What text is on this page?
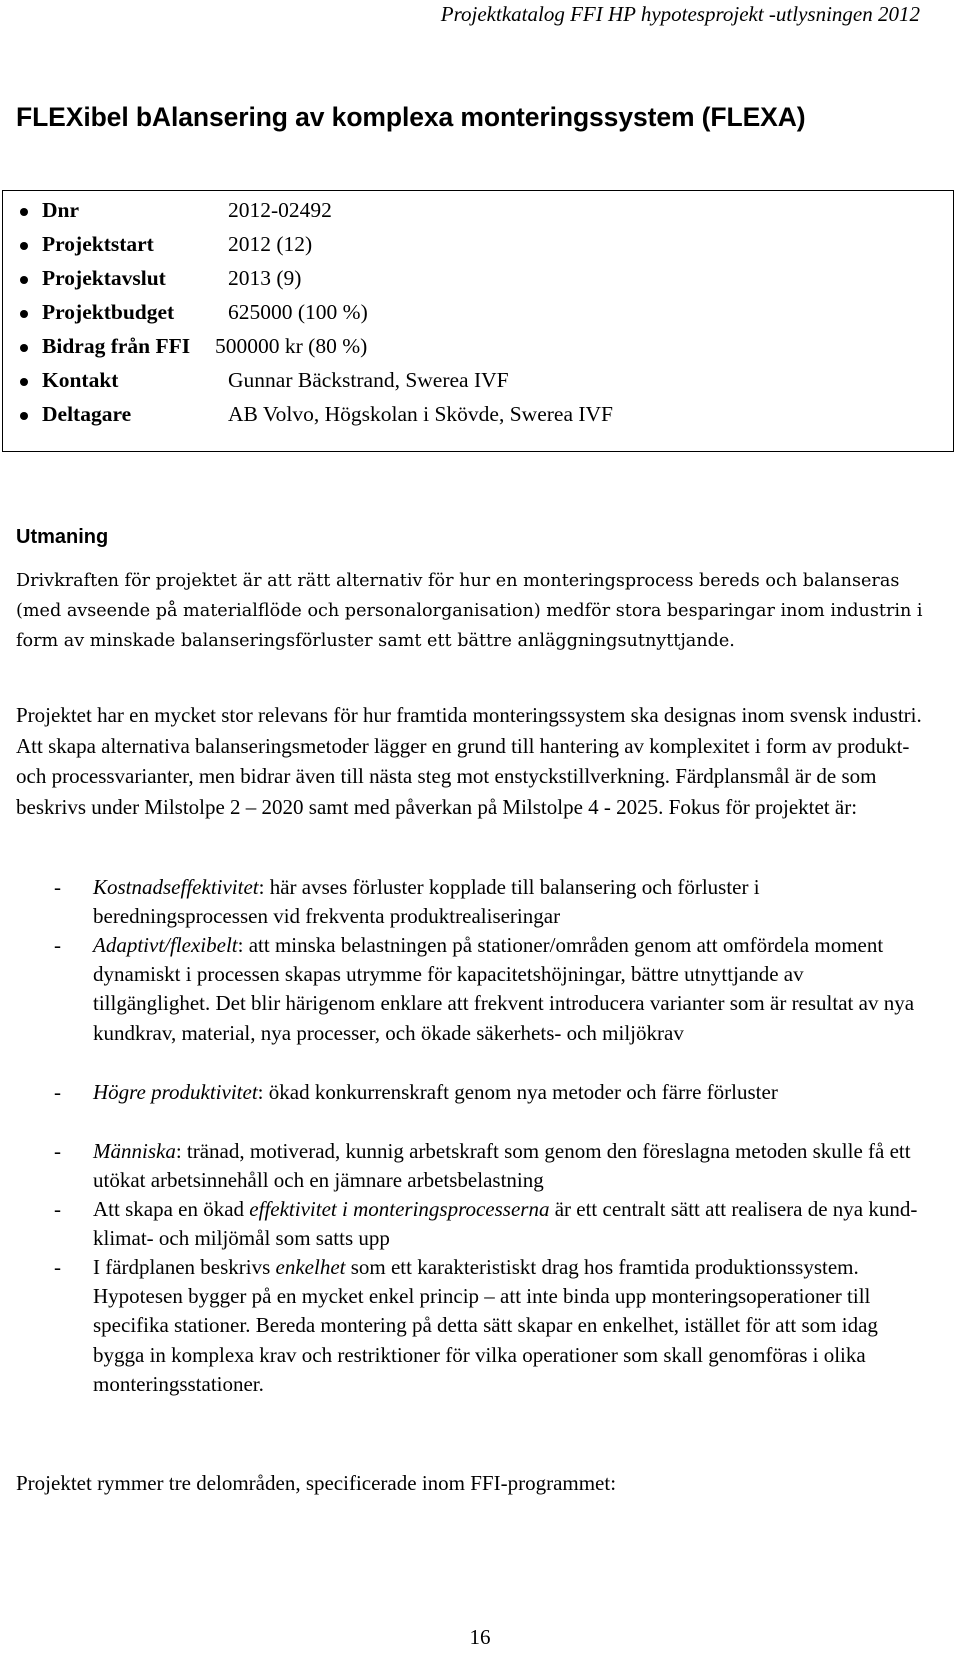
Projektkatalog FFI HP hypotesprojekt -utlysningen 2012
FLEXibel bAlansering av komplexa monteringssystem (FLEXA)
Dnr	2012-02492
Projektstart	2012 (12)
Projektavslut	2013 (9)
Projektbudget	625000 (100 %)
Bidrag från FFI 500000 kr (80 %)
Kontakt	Gunnar Bäckstrand, Swerea IVF
Deltagare	AB Volvo, Högskolan i Skövde, Swerea IVF
Utmaning

Drivkraften för projektet är att rätt alternativ för hur en monteringsprocess bereds och balanseras (med avseende på materialflöde och personalorganisation) medför stora besparingar inom industrin i form av minskade balanseringsförluster samt ett bättre anläggningsutnyttjande.

Projektet har en mycket stor relevans för hur framtida monteringssystem ska designas inom svensk industri. Att skapa alternativa balanseringsmetoder lägger en grund till hantering av komplexitet i form av produkt- och processvarianter, men bidrar även till nästa steg mot enstyckstillverkning. Färdplansmål är de som beskrivs under Milstolpe 2 – 2020 samt med påverkan på Milstolpe 4 - 2025. Fokus för projektet är:

- Kostnadseffektivitet: här avses förluster kopplade till balansering och förluster i beredningsprocessen vid frekventa produktrealiseringar
- Adaptivt/flexibelt: att minska belastningen på stationer/områden genom att omfördela moment dynamiskt i processen skapas utrymme för kapacitetshöjningar, bättre utnyttjande av tillgänglighet. Det blir härigenom enklare att frekvent introducera varianter som är resultat av nya kundkrav, material, nya processer, och ökade säkerhets- och miljökrav
- Högre produktivitet: ökad konkurrenskraft genom nya metoder och färre förluster
- Människa: tränad, motiverad, kunnig arbetskraft som genom den föreslagna metoden skulle få ett utökat arbetsinnehåll och en jämnare arbetsbelastning
- Att skapa en ökad effektivitet i monteringsprocesserna är ett centralt sätt att realisera de nya kund- klimat- och miljömål som satts upp
- I färdplanen beskrivs enkelhet som ett karakteristiskt drag hos framtida produktionssystem. Hypotesen bygger på en mycket enkel princip – att inte binda upp monteringsoperationer till specifika stationer. Bereda montering på detta sätt skapar en enkelhet, istället för att som idag bygga in komplexa krav och restriktioner för vilka operationer som skall genomföras i olika monteringsstationer.

Projektet rymmer tre delområden, specificerade inom FFI-programmet:

16
